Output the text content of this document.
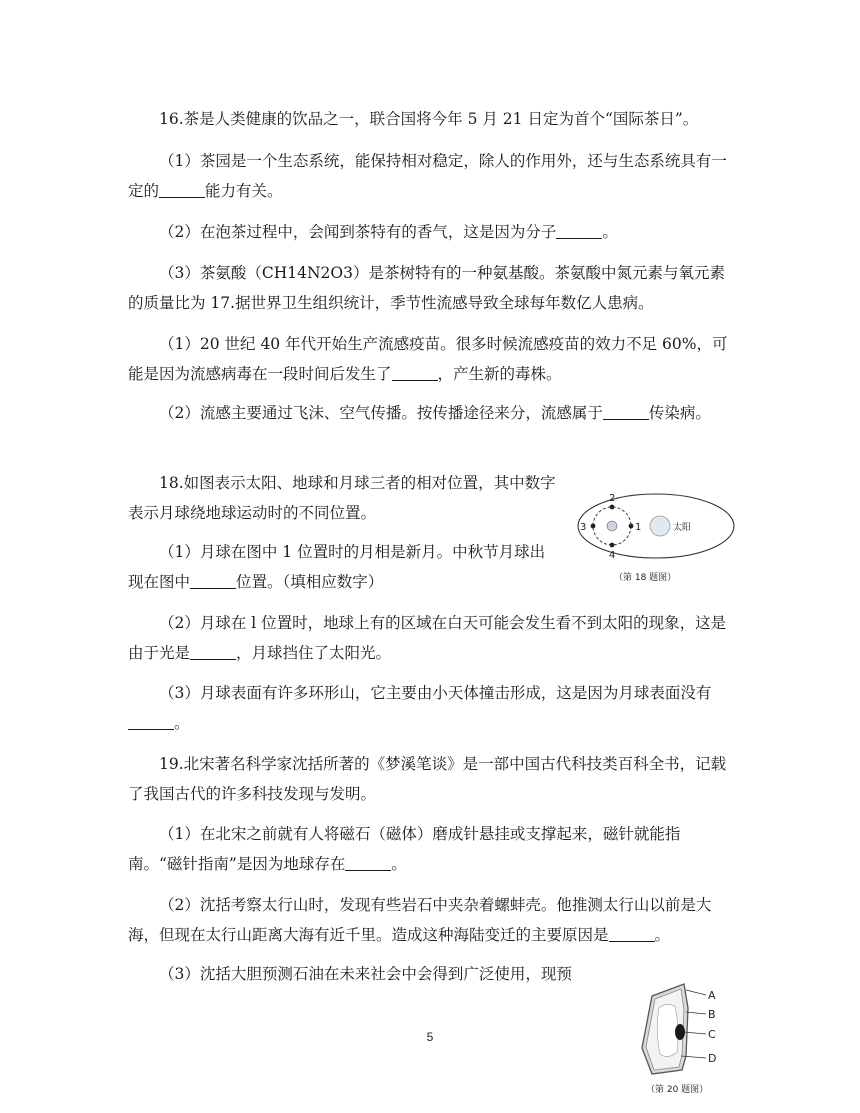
16.茶是人类健康的饮品之一，联合国将今年 5 月 21 日定为首个“国际茶日”。

（1）茶园是一个生态系统，能保持相对稳定，除人的作用外，还与生态系统具有一定的	能力有关。

（2）在泡茶过程中，会闻到茶特有的香气，这是因为分子	。

（3）茶氨酸（CH14N2O3）是茶树特有的一种氨基酸。茶氨酸中氮元素与氧元素的质量比为 17.据世界卫生组织统计，季节性流感导致全球每年数亿人患病。

（1）20 世纪 40 年代开始生产流感疫苗。很多时候流感疫苗的效力不足 60%，可能是因为流感病毒在一段时间后发生了	，产生新的毒株。

（2）流感主要通过飞沫、空气传播。按传播途径来分，流感属于	传染病。

18.如图表示太阳、地球和月球三者的相对位置，其中数字表示月球绕地球运动时的不同位置。

（1）月球在图中 1 位置时的月相是新月。中秋节月球出现在图中	位置。（填相应数字）

1
2
3
4
太阳
（第 18 题图）

（2）月球在 l 位置时，地球上有的区域在白天可能会发生看不到太阳的现象，这是由于光是	，月球挡住了太阳光。

（3）月球表面有许多环形山，它主要由小天体撞击形成，这是因为月球表面没有。

19.北宋著名科学家沈括所著的《梦溪笔谈》是一部中国古代科技类百科全书，记载了我国古代的许多科技发现与发明。

（1）在北宋之前就有人将磁石（磁体）磨成针悬挂或支撑起来，磁针就能指南。“磁针指南”是因为地球存在	。

（2）沈括考察太行山时，发现有些岩石中夹杂着螺蚌壳。他推测太行山以前是大海，但现在太行山距离大海有近千里。造成这种海陆变迁的主要原因是	。

（3）沈括大胆预测石油在未来社会中会得到广泛使用，现预

A
B
C
D
（第 20 题图）
5
